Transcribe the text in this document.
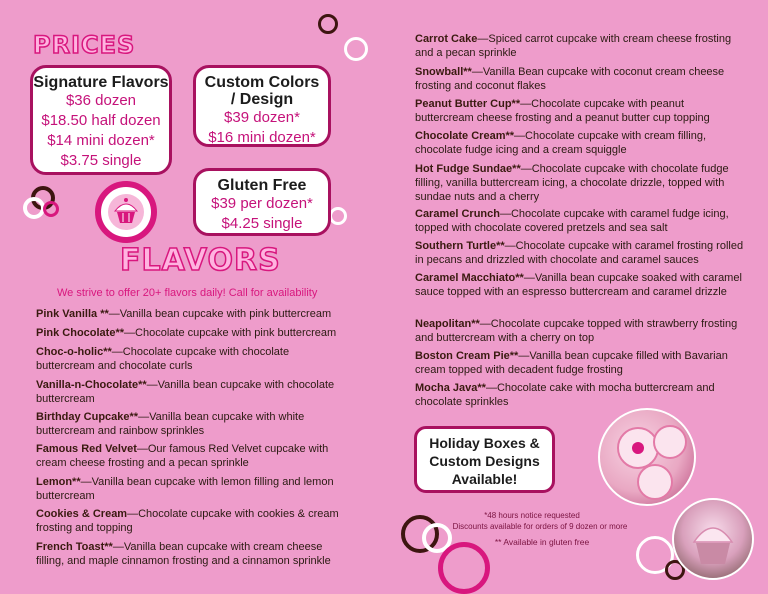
PRICES
Signature Flavors
$36 dozen
$18.50 half dozen
$14 mini dozen*
$3.75 single
Custom Colors / Design
$39 dozen*
$16 mini dozen*
Gluten Free
$39 per dozen*
$4.25 single
FLAVORS
We strive to offer 20+ flavors daily! Call for availability
Pink Vanilla **—Vanilla bean cupcake with pink buttercream
Pink Chocolate**—Chocolate cupcake with pink buttercream
Choc-o-holic**—Chocolate cupcake with chocolate buttercream and chocolate curls
Vanilla-n-Chocolate**—Vanilla bean cupcake with chocolate buttercream
Birthday Cupcake**—Vanilla bean cupcake with white buttercream and rainbow sprinkles
Famous Red Velvet—Our famous Red Velvet cupcake with cream cheese frosting and a pecan sprinkle
Lemon**—Vanilla bean cupcake with lemon filling and lemon buttercream
Cookies & Cream—Chocolate cupcake with cookies & cream frosting and topping
French Toast**—Vanilla bean cupcake with cream cheese filling, and maple cinnamon frosting and a cinnamon sprinkle
Carrot Cake—Spiced carrot cupcake with cream cheese frosting and a pecan sprinkle
Snowball**—Vanilla Bean cupcake with coconut cream cheese frosting and coconut flakes
Peanut Butter Cup**—Chocolate cupcake with peanut buttercream cheese frosting and a peanut butter cup topping
Chocolate Cream**—Chocolate cupcake with cream filling, chocolate fudge icing and a cream squiggle
Hot Fudge Sundae**—Chocolate cupcake with chocolate fudge filling, vanilla buttercream icing, a chocolate drizzle, topped with sundae nuts and a cherry
Caramel Crunch—Chocolate cupcake with caramel fudge icing, topped with chocolate covered pretzels and sea salt
Southern Turtle**—Chocolate cupcake with caramel frosting rolled in pecans and drizzled with chocolate and caramel sauces
Caramel Macchiato**—Vanilla bean cupcake soaked with caramel sauce topped with an espresso buttercream and caramel drizzle
Neapolitan**—Chocolate cupcake topped with strawberry frosting and buttercream with a cherry on top
Boston Cream Pie**—Vanilla bean cupcake filled with Bavarian cream topped with decadent fudge frosting
Mocha Java**—Chocolate cake with mocha buttercream and chocolate sprinkles
Holiday Boxes & Custom Designs Available!
*48 hours notice requested
Discounts available for orders of 9 dozen or more
** Available in gluten free
